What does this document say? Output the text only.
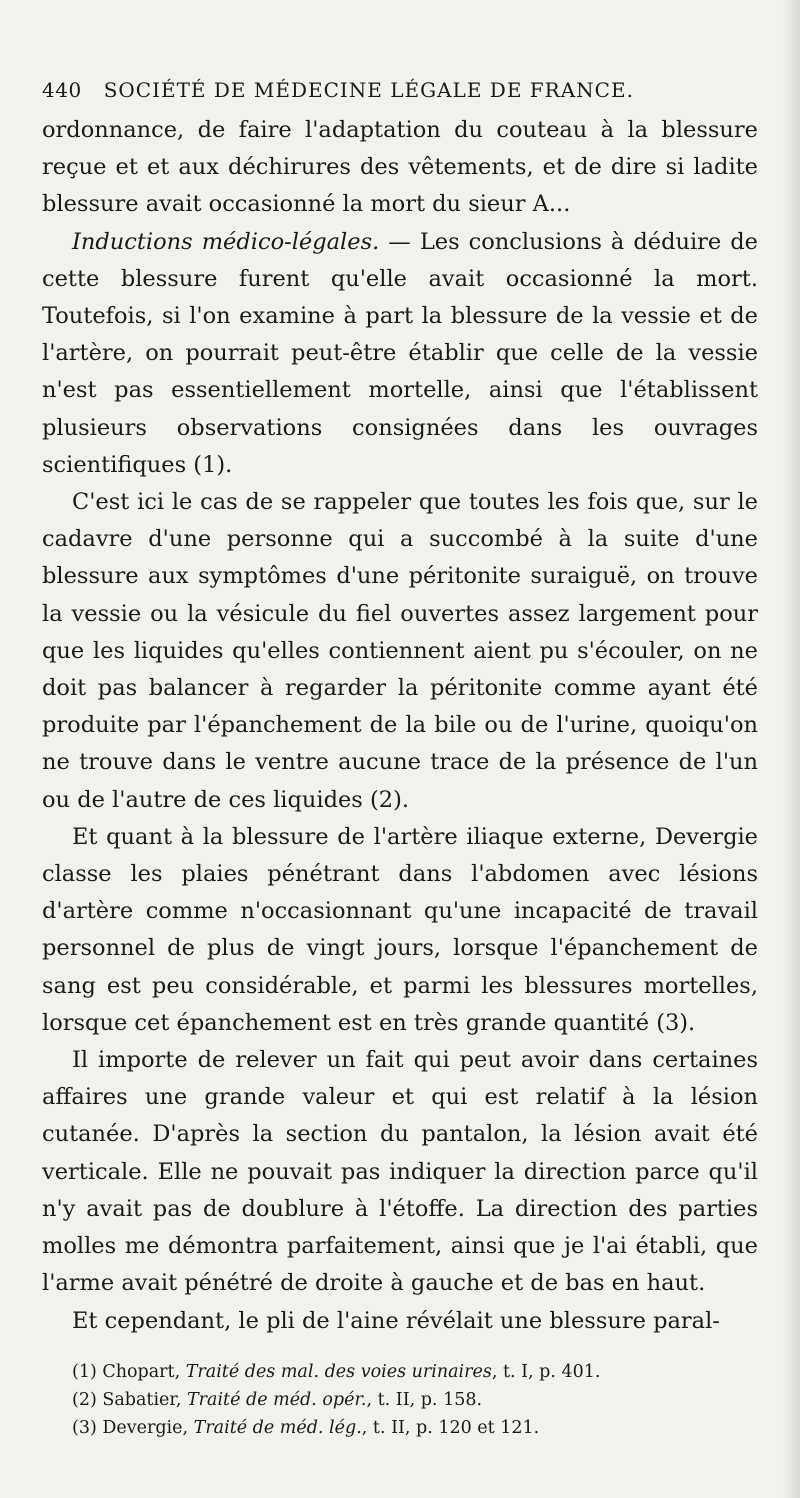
440 SOCIÉTÉ DE MÉDECINE LÉGALE DE FRANCE.

ordonnance, de faire l'adaptation du couteau à la blessure reçue et et aux déchirures des vêtements, et de dire si ladite blessure avait occasionné la mort du sieur A...

Inductions médico-légales. — Les conclusions à déduire de cette blessure furent qu'elle avait occasionné la mort. Toutefois, si l'on examine à part la blessure de la vessie et de l'artère, on pourrait peut-être établir que celle de la vessie n'est pas essentiellement mortelle, ainsi que l'établissent plusieurs observations consignées dans les ouvrages scientifiques (1).

C'est ici le cas de se rappeler que toutes les fois que, sur le cadavre d'une personne qui a succombé à la suite d'une blessure aux symptômes d'une péritonite suraiguë, on trouve la vessie ou la vésicule du fiel ouvertes assez largement pour que les liquides qu'elles contiennent aient pu s'écouler, on ne doit pas balancer à regarder la péritonite comme ayant été produite par l'épanchement de la bile ou de l'urine, quoiqu'on ne trouve dans le ventre aucune trace de la présence de l'un ou de l'autre de ces liquides (2).

Et quant à la blessure de l'artère iliaque externe, Devergie classe les plaies pénétrant dans l'abdomen avec lésions d'artère comme n'occasionnant qu'une incapacité de travail personnel de plus de vingt jours, lorsque l'épanchement de sang est peu considérable, et parmi les blessures mortelles, lorsque cet épanchement est en très grande quantité (3).

Il importe de relever un fait qui peut avoir dans certaines affaires une grande valeur et qui est relatif à la lésion cutanée. D'après la section du pantalon, la lésion avait été verticale. Elle ne pouvait pas indiquer la direction parce qu'il n'y avait pas de doublure à l'étoffe. La direction des parties molles me démontra parfaitement, ainsi que je l'ai établi, que l'arme avait pénétré de droite à gauche et de bas en haut.

Et cependant, le pli de l'aine révélait une blessure paral-

(1) Chopart, Traité des mal. des voies urinaires, t. I, p. 401.

(2) Sabatier, Traité de méd. opér., t. II, p. 158.

(3) Devergie, Traité de méd. lég., t. II, p. 120 et 121.
